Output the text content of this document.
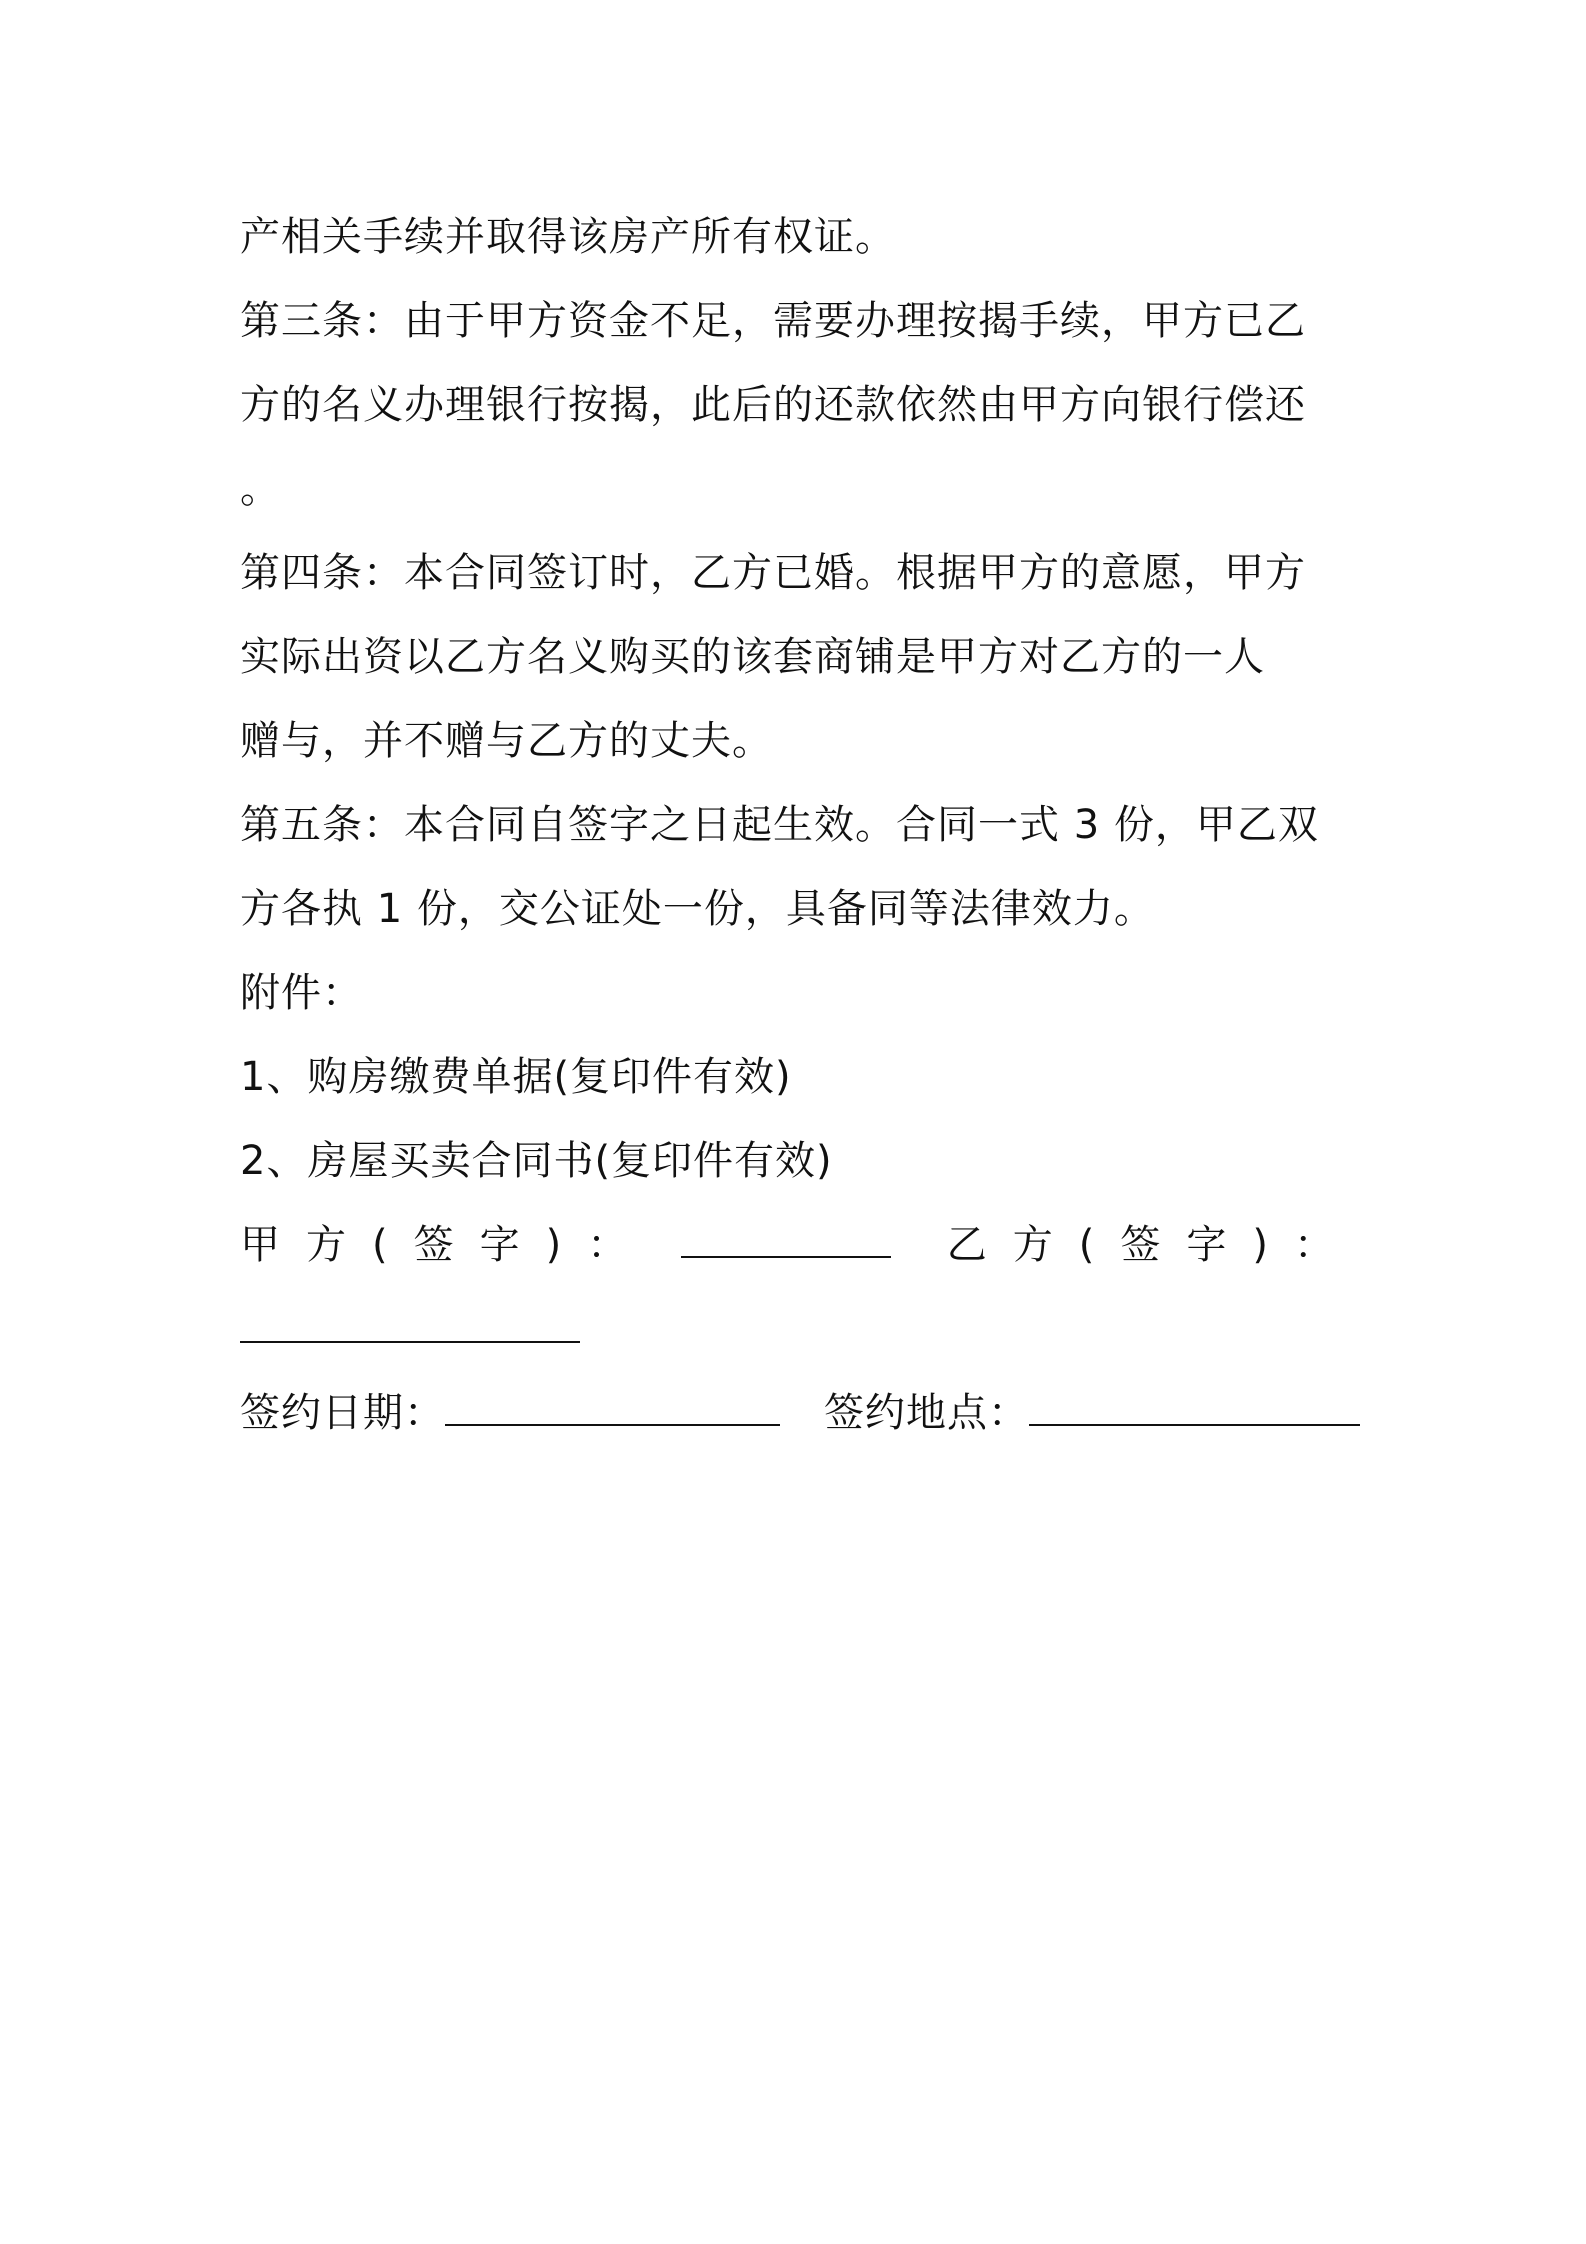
产相关手续并取得该房产所有权证。
第三条：由于甲方资金不足，需要办理按揭手续，甲方已乙
方的名义办理银行按揭，此后的还款依然由甲方向银行偿还
。
第四条：本合同签订时，乙方已婚。根据甲方的意愿，甲方
实际出资以乙方名义购买的该套商铺是甲方对乙方的一人
赠与，并不赠与乙方的丈夫。
第五条：本合同自签字之日起生效。合同一式 3 份，甲乙双
方各执 1 份，交公证处一份，具备同等法律效力。
附件：
1、购房缴费单据(复印件有效)
2、房屋买卖合同书(复印件有效)
甲方(签字)：	乙方(签字)：
签约日期：	签约地点：
